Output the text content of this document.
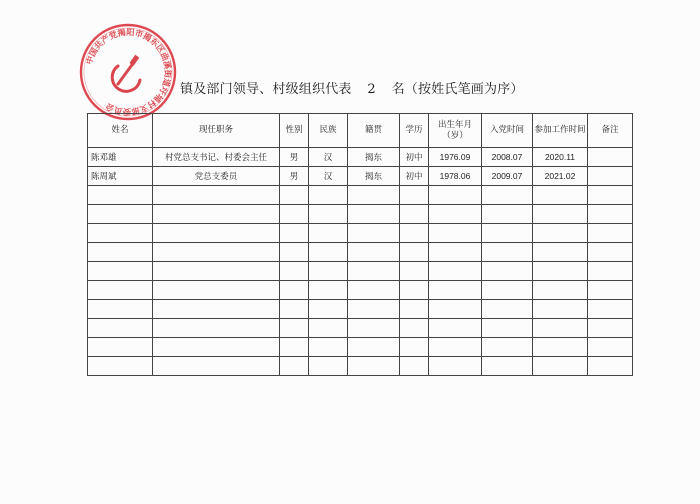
中国共产党揭阳市揭东区曲溪街道圩埔村支部委员会
镇及部门领导、村级组织代表 2 名（按姓氏笔画为序）
姓名	现任职务	性别	民族	籍贯	学历	出生年月（岁）	入党时间	参加工作时间	备注
陈邓雄	村党总支书记、村委会主任	男	汉	揭东	初中	1976.09	2008.07	2020.11	
陈周斌	党总支委员	男	汉	揭东	初中	1978.06	2009.07	2021.02	
